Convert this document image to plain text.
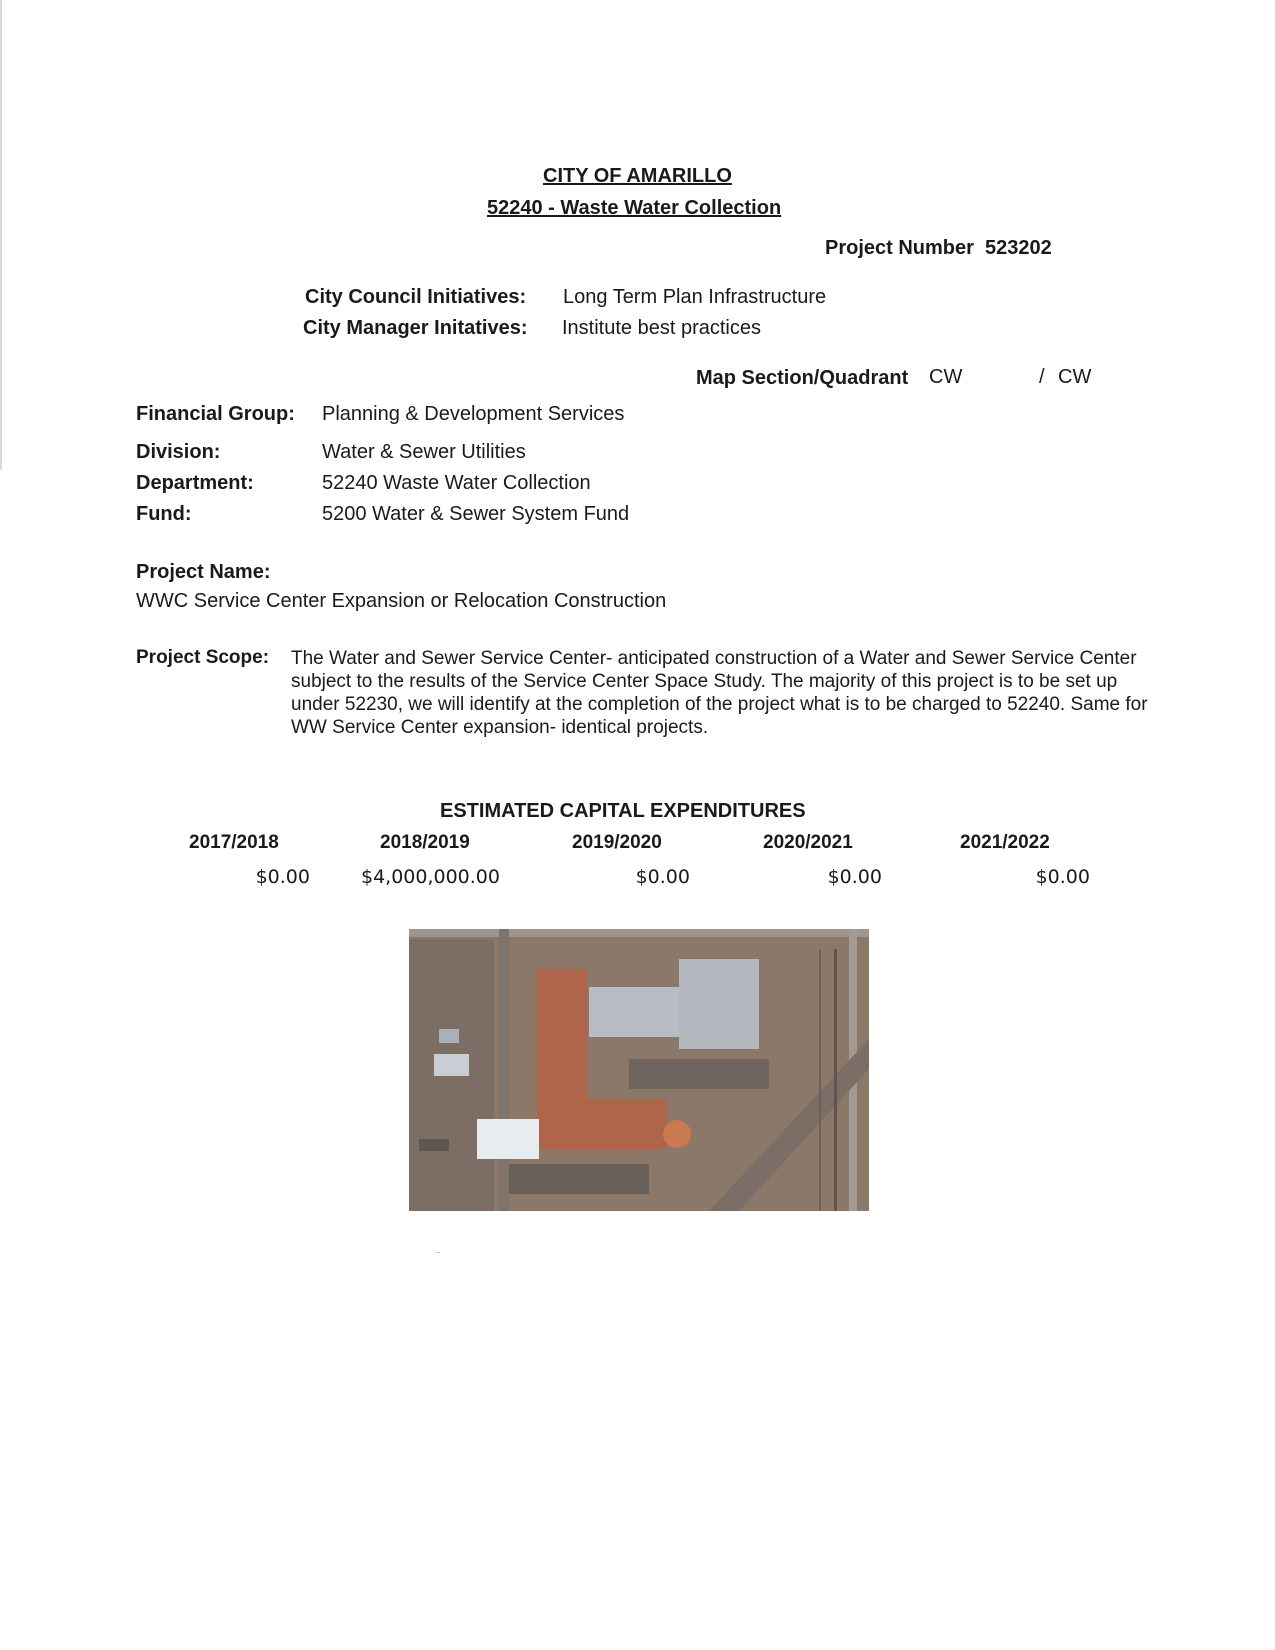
CITY OF AMARILLO
52240 - Waste Water Collection
Project Number 523202
City Council Initiatives: Long Term Plan Infrastructure
City Manager Initatives: Institute best practices
Map Section/Quadrant CW	/ CW
Financial Group: Planning & Development Services
Division:	Water & Sewer Utilities
Department:	52240 Waste Water Collection
Fund:	5200 Water & Sewer System Fund
Project Name:
WWC Service Center Expansion or Relocation Construction
Project Scope: The Water and Sewer Service Center- anticipated construction of a Water and Sewer Service Center subject to the results of the Service Center Space Study. The majority of this project is to be set up under 52230, we will identify at the completion of the project what is to be charged to 52240. Same for WW Service Center expansion- identical projects.
ESTIMATED CAPITAL EXPENDITURES
2017/2018	2018/2019	2019/2020	2020/2021	2021/2022
$0.00	$4,000,000.00	$0.00	$0.00	$0.00
